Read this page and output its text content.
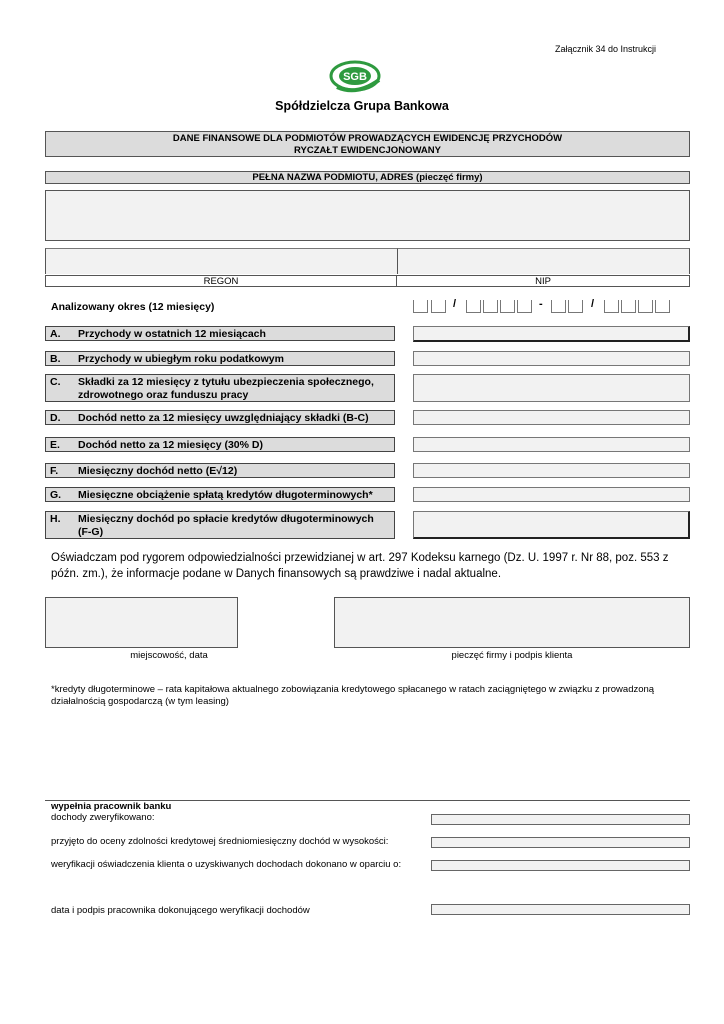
Załącznik 34 do Instrukcji
SGB
Spółdzielcza Grupa Bankowa
DANE FINANSOWE DLA PODMIOTÓW PROWADZĄCYCH EWIDENCJĘ PRZYCHODÓW
RYCZAŁT EWIDENCJONOWANY
PEŁNA NAZWA PODMIOTU, ADRES (pieczęć firmy)
REGON	NIP
Analizowany okres (12 miesięcy)	/	-	/
A. Przychody w ostatnich 12 miesiącach
B. Przychody w ubiegłym roku podatkowym
C. Składki za 12 miesięcy z tytułu ubezpieczenia społecznego, zdrowotnego oraz funduszu pracy
D. Dochód netto za 12 miesięcy uwzględniający składki (B-C)
E. Dochód netto za 12 miesięcy (30% D)
F. Miesięczny dochód netto (E√12)
G. Miesięczne obciążenie spłatą kredytów długoterminowych*
H. Miesięczny dochód po spłacie kredytów długoterminowych (F-G)
Oświadczam pod rygorem odpowiedzialności przewidzianej w art. 297 Kodeksu karnego (Dz. U. 1997 r. Nr 88, poz. 553 z późn. zm.), że informacje podane w Danych finansowych są prawdziwe i nadal aktualne.
miejscowość, data	pieczęć firmy i podpis klienta
*kredyty długoterminowe – rata kapitałowa aktualnego zobowiązania kredytowego spłacanego w ratach zaciągniętego w związku z prowadzoną działalnością gospodarczą (w tym leasing)
wypełnia pracownik banku
dochody zweryfikowano:
przyjęto do oceny zdolności kredytowej średniomiesięczny dochód w wysokości:
weryfikacji oświadczenia klienta o uzyskiwanych dochodach dokonano w oparciu o:
data i podpis pracownika dokonującego weryfikacji dochodów
